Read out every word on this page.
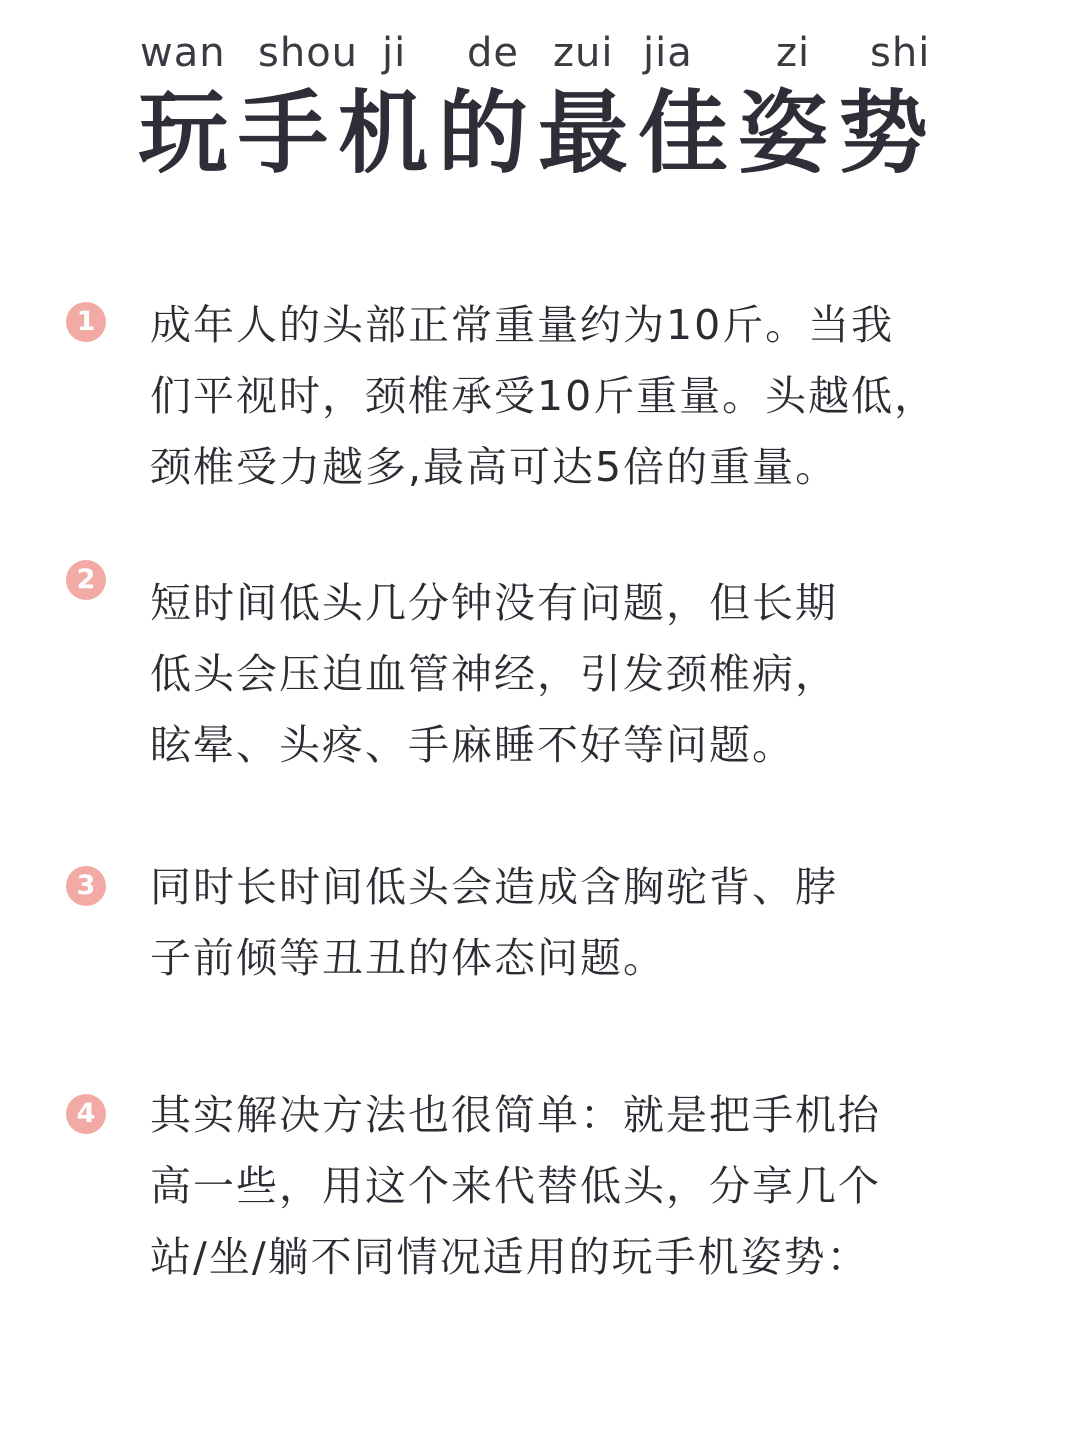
wan shou ji de zui jia zi shi
玩手机的最佳姿势
1 成年人的头部正常重量约为10斤。当我
们平视时，颈椎承受10斤重量。头越低，
颈椎受力越多,最高可达5倍的重量。
2 短时间低头几分钟没有问题，但长期
低头会压迫血管神经，引发颈椎病，
眩晕、头疼、手麻睡不好等问题。
3 同时长时间低头会造成含胸驼背、脖
子前倾等丑丑的体态问题。
4 其实解决方法也很简单：就是把手机抬
高一些，用这个来代替低头，分享几个
站/坐/躺不同情况适用的玩手机姿势：
